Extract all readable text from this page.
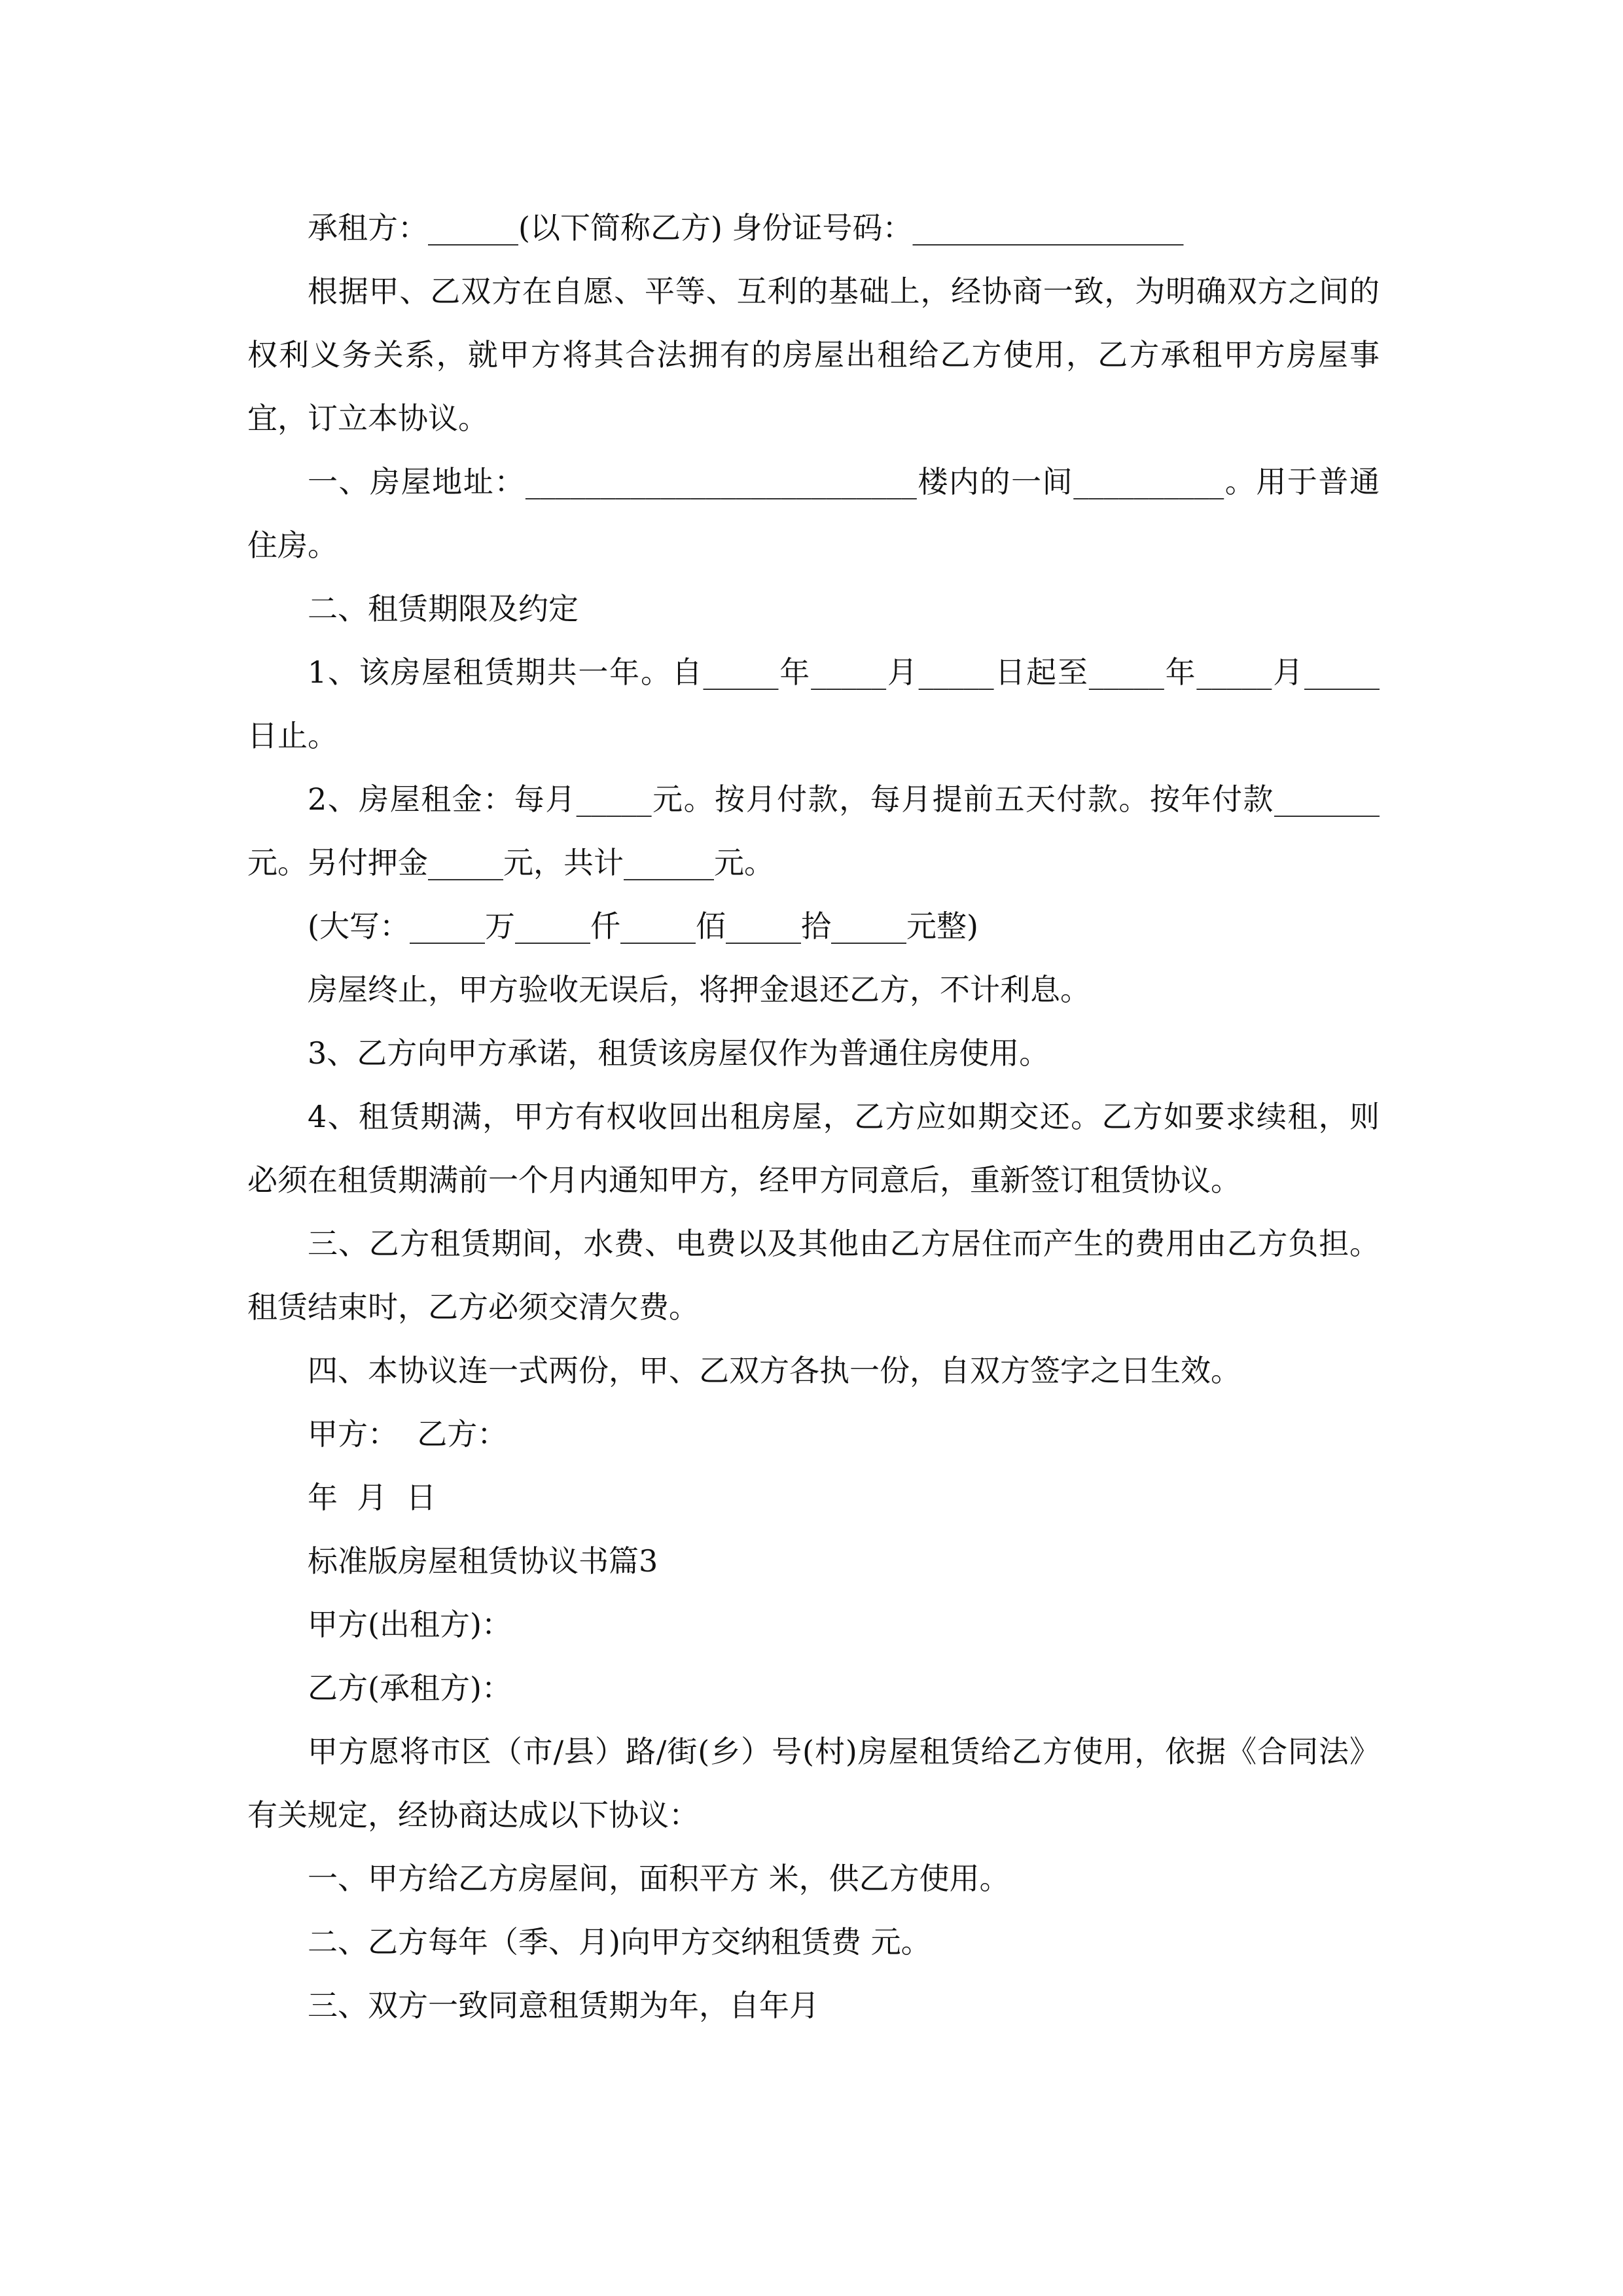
承租方：______(以下简称乙方) 身份证号码：__________________

根据甲、乙双方在自愿、平等、互利的基础上，经协商一致，为明确双方之间的权利义务关系，就甲方将其合法拥有的房屋出租给乙方使用，乙方承租甲方房屋事宜，订立本协议。

一、房屋地址：__________________________楼内的一间__________。用于普通住房。

二、租赁期限及约定

1、该房屋租赁期共一年。自_____年_____月_____日起至_____年_____月_____日止。

2、房屋租金：每月_____元。按月付款，每月提前五天付款。按年付款_______元。另付押金_____元，共计______元。

(大写：_____万_____仟_____佰_____拾_____元整)

房屋终止，甲方验收无误后，将押金退还乙方，不计利息。

3、乙方向甲方承诺，租赁该房屋仅作为普通住房使用。

4、租赁期满，甲方有权收回出租房屋，乙方应如期交还。乙方如要求续租，则必须在租赁期满前一个月内通知甲方，经甲方同意后，重新签订租赁协议。

三、乙方租赁期间，水费、电费以及其他由乙方居住而产生的费用由乙方负担。租赁结束时，乙方必须交清欠费。

四、本协议连一式两份，甲、乙双方各执一份，自双方签字之日生效。

甲方：  乙方：

年  月  日

标准版房屋租赁协议书篇3

甲方(出租方)：

乙方(承租方)：

甲方愿将市区（市/县）路/街(乡）号(村)房屋租赁给乙方使用，依据《合同法》有关规定，经协商达成以下协议：

一、甲方给乙方房屋间，面积平方 米，供乙方使用。

二、乙方每年（季、月)向甲方交纳租赁费 元。

三、双方一致同意租赁期为年，自年月
